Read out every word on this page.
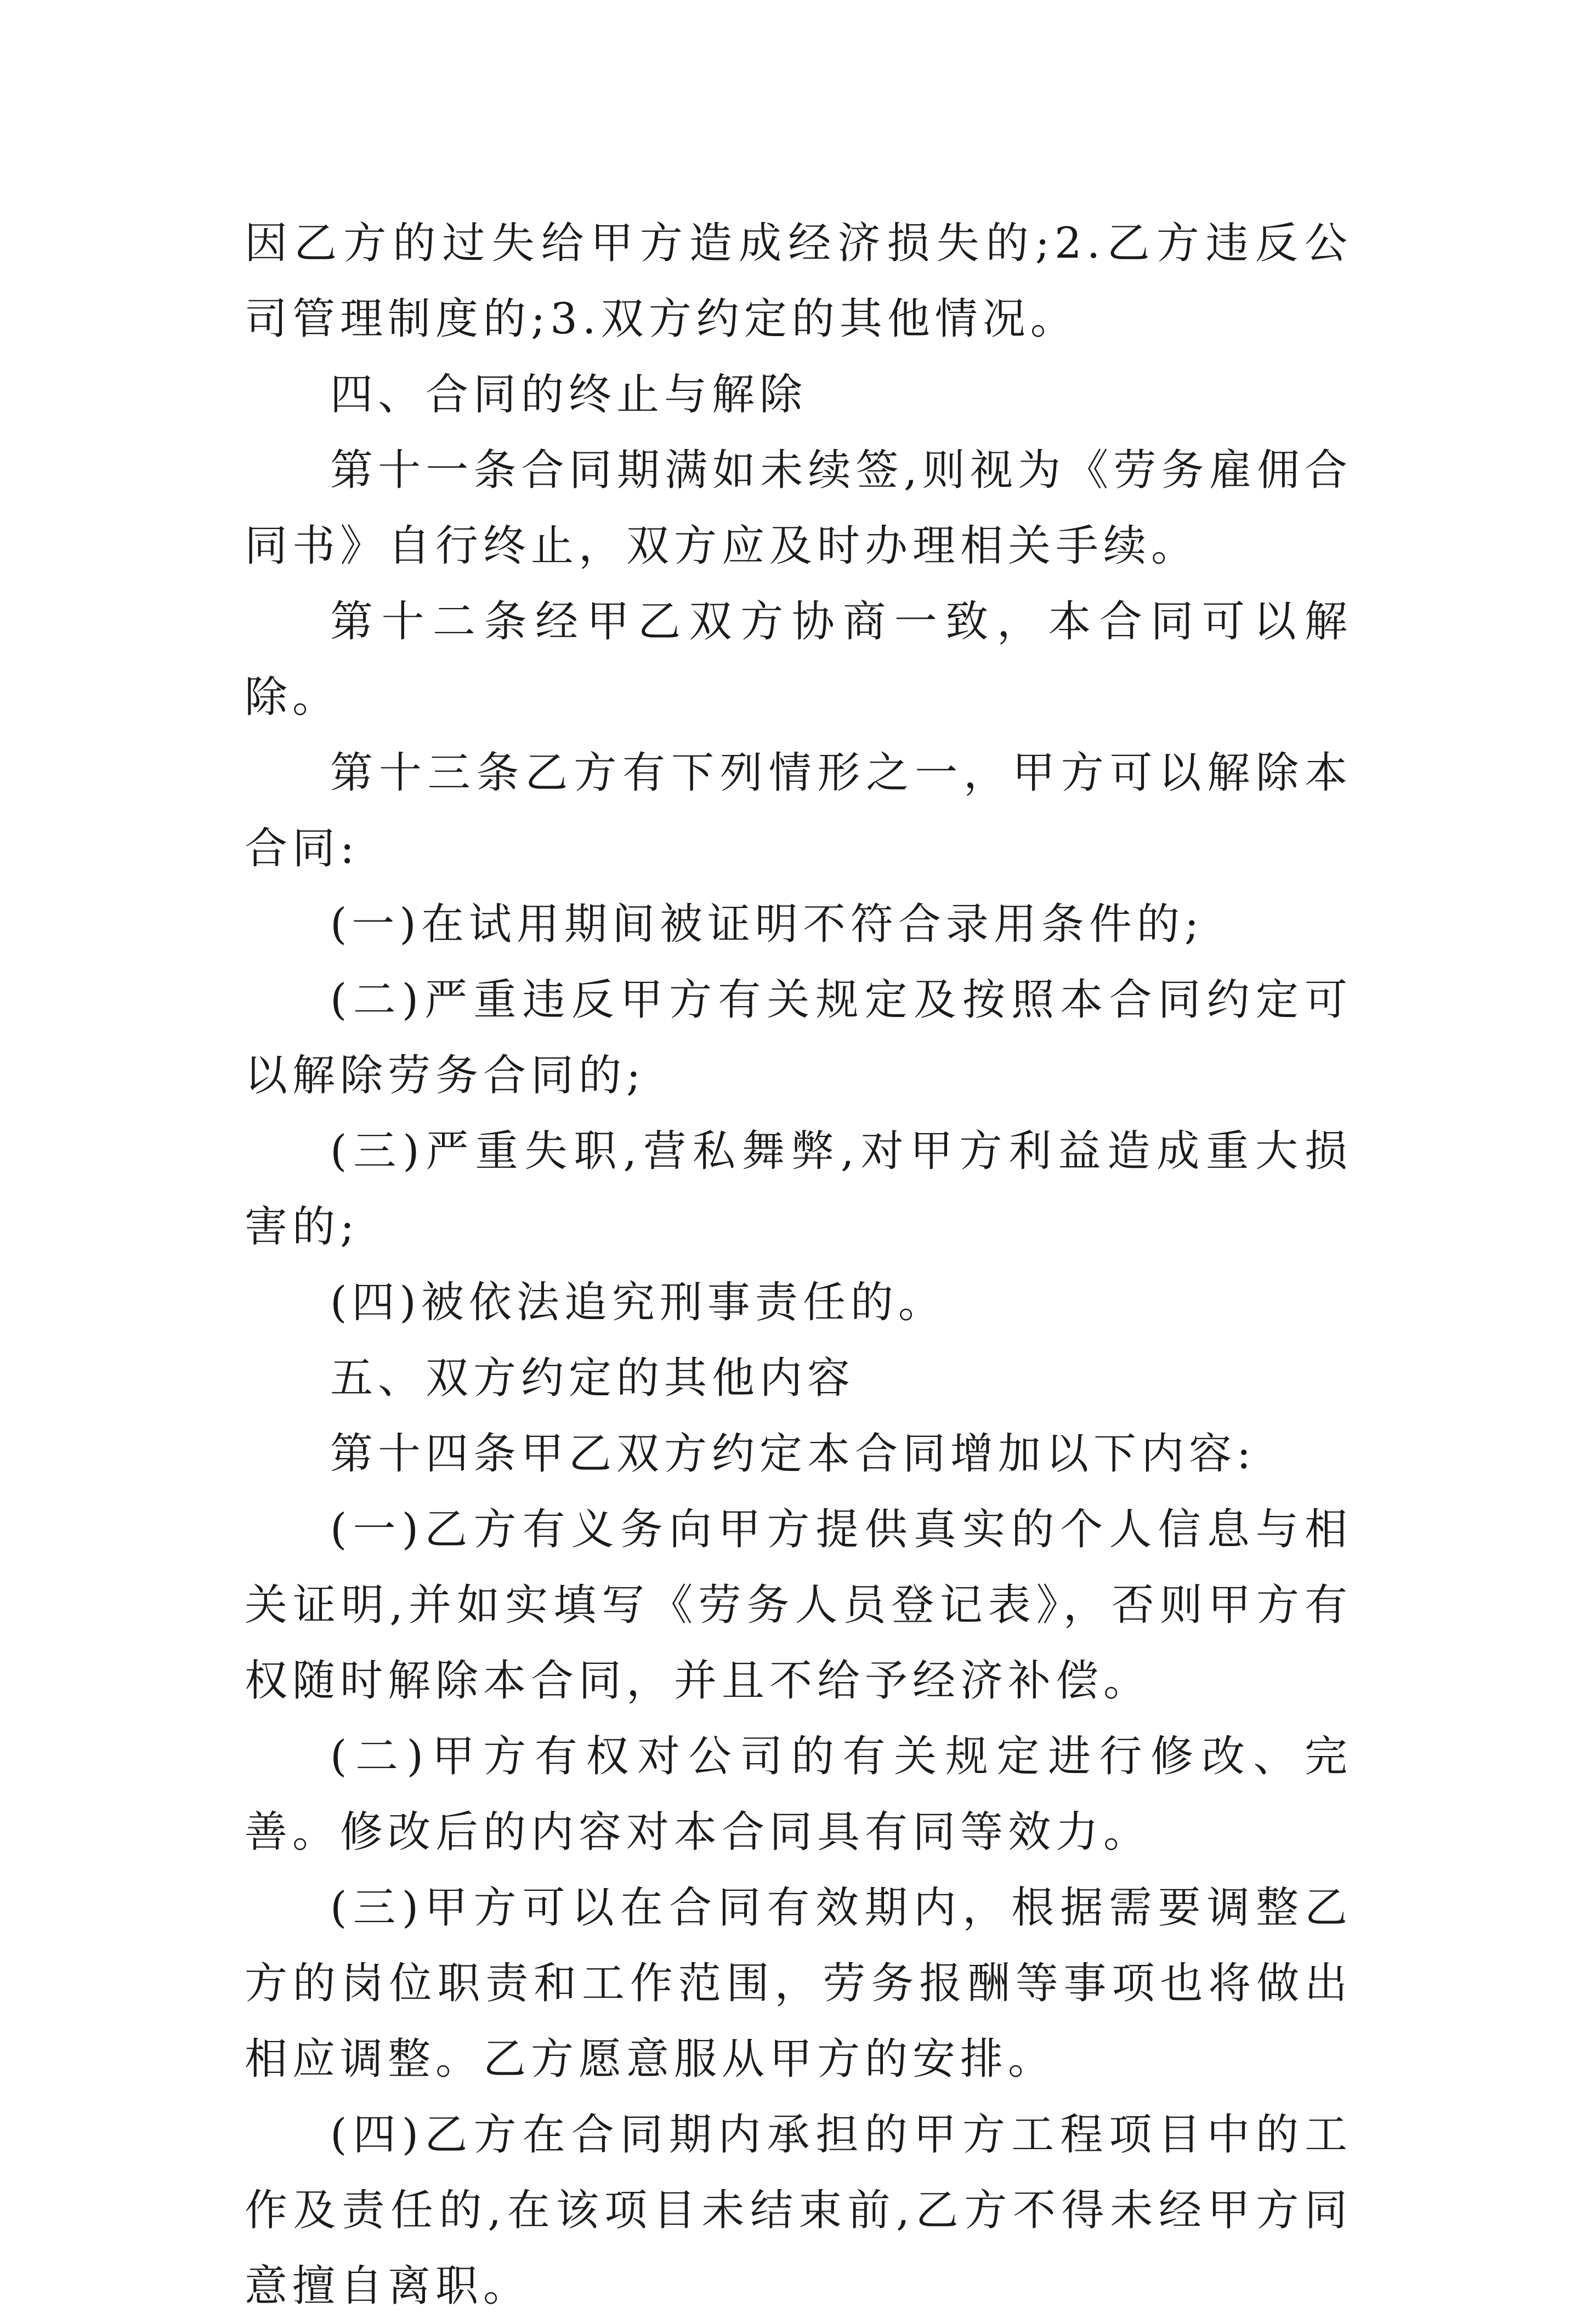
因乙方的过失给甲方造成经济损失的;2.乙方违反公司管理制度的;3.双方约定的其他情况。

四、合同的终止与解除

第十一条合同期满如未续签,则视为《劳务雇佣合同书》自行终止，双方应及时办理相关手续。

第十二条经甲乙双方协商一致，本合同可以解除。

第十三条乙方有下列情形之一，甲方可以解除本合同:

(一)在试用期间被证明不符合录用条件的;

(二)严重违反甲方有关规定及按照本合同约定可以解除劳务合同的;

(三)严重失职,营私舞弊,对甲方利益造成重大损害的;

(四)被依法追究刑事责任的。

五、双方约定的其他内容

第十四条甲乙双方约定本合同增加以下内容:

(一)乙方有义务向甲方提供真实的个人信息与相关证明,并如实填写《劳务人员登记表》，否则甲方有权随时解除本合同，并且不给予经济补偿。

(二)甲方有权对公司的有关规定进行修改、完善。修改后的内容对本合同具有同等效力。

(三)甲方可以在合同有效期内，根据需要调整乙方的岗位职责和工作范围，劳务报酬等事项也将做出相应调整。乙方愿意服从甲方的安排。

(四)乙方在合同期内承担的甲方工程项目中的工作及责任的,在该项目未结束前,乙方不得未经甲方同意擅自离职。
